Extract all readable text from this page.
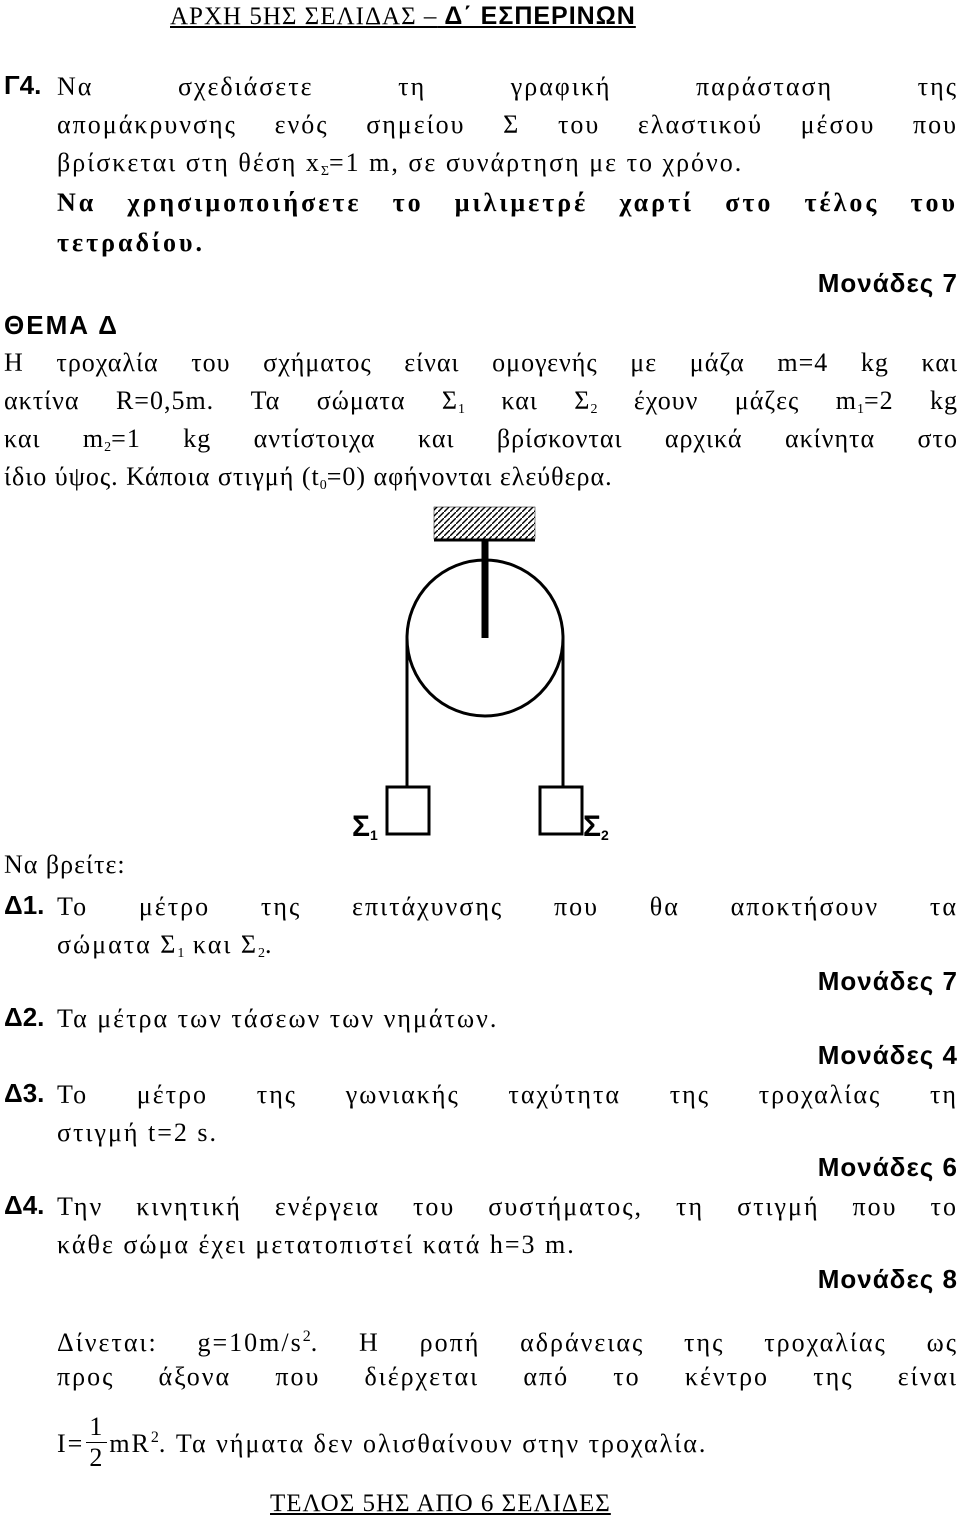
ΑΡΧΗ 5ΗΣ ΣΕΛΙΔΑΣ – Δ΄ ΕΣΠΕΡΙΝΩΝ
Γ4. Να σχεδιάσετε τη γραφική παράσταση της
απομάκρυνσης ενός σημείου Σ του ελαστικού μέσου που
βρίσκεται στη θέση $x_\Sigma=1$ m, σε συνάρτηση με το χρόνο.
Να χρησιμοποιήσετε το μιλιμετρέ χαρτί στο τέλος του
τετραδίου.
Μονάδες 7
ΘΕΜΑ Δ
Η τροχαλία του σχήματος είναι ομογενής με μάζα m=4 kg και
ακτίνα R=0,5m. Τα σώματα $\Sigma_1$ και $\Sigma_2$ έχουν μάζες $m_1=2$ kg
και $m_2=1$ kg αντίστοιχα και βρίσκονται αρχικά ακίνητα στο
ίδιο ύψος. Κάποια στιγμή $(t_0=0)$ αφήνονται ελεύθερα.
$\Sigma_1$	$\Sigma_2$
Να βρείτε:
Δ1. Το μέτρο της επιτάχυνσης που θα αποκτήσουν τα
σώματα $\Sigma_1$ και $\Sigma_2$.
Μονάδες 7
Δ2. Τα μέτρα των τάσεων των νημάτων.
Μονάδες 4
Δ3. Το μέτρο της γωνιακής ταχύτητα της τροχαλίας τη
στιγμή t=2 s.
Μονάδες 6
Δ4. Την κινητική ενέργεια του συστήματος, τη στιγμή που το
κάθε σώμα έχει μετατοπιστεί κατά h=3 m.
Μονάδες 8
Δίνεται: $g=10m/s^2$. Η ροπή αδράνειας της τροχαλίας ως
προς άξονα που διέρχεται από το κέντρο της είναι
$I= \frac{1}{2} mR^2$. Τα νήματα δεν ολισθαίνουν στην τροχαλία.
ΤΕΛΟΣ 5ΗΣ ΑΠΟ 6 ΣΕΛΙΔΕΣ
